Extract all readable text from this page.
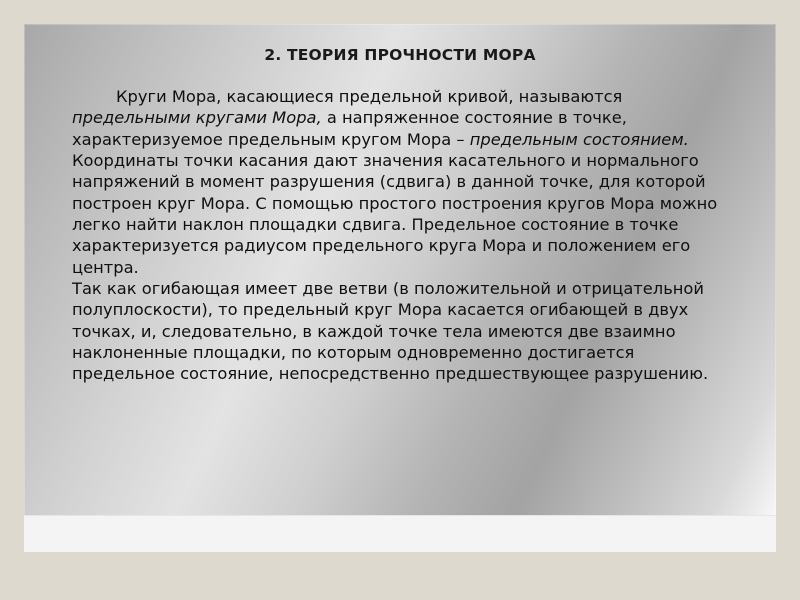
2. ТЕОРИЯ ПРОЧНОСТИ МОРА

Круги Мора, касающиеся предельной кривой, называются предельными кругами Мора, а напряженное состояние в точке, характеризуемое предельным кругом Мора – предельным состоянием. Координаты точки касания дают значения касательного и нормального напряжений в момент разрушения (сдвига) в данной точке, для которой построен круг Мора. С помощью простого построения кругов Мора можно легко найти наклон площадки сдвига. Предельное состояние в точке характеризуется радиусом предельного круга Мора и положением его центра.

Так как огибающая имеет две ветви (в положительной и отрицательной полуплоскости), то предельный круг Мора касается огибающей в двух точках, и, следовательно, в каждой точке тела имеются две взаимно наклоненные площадки, по которым одновременно достигается предельное состояние, непосредственно предшествующее разрушению.
